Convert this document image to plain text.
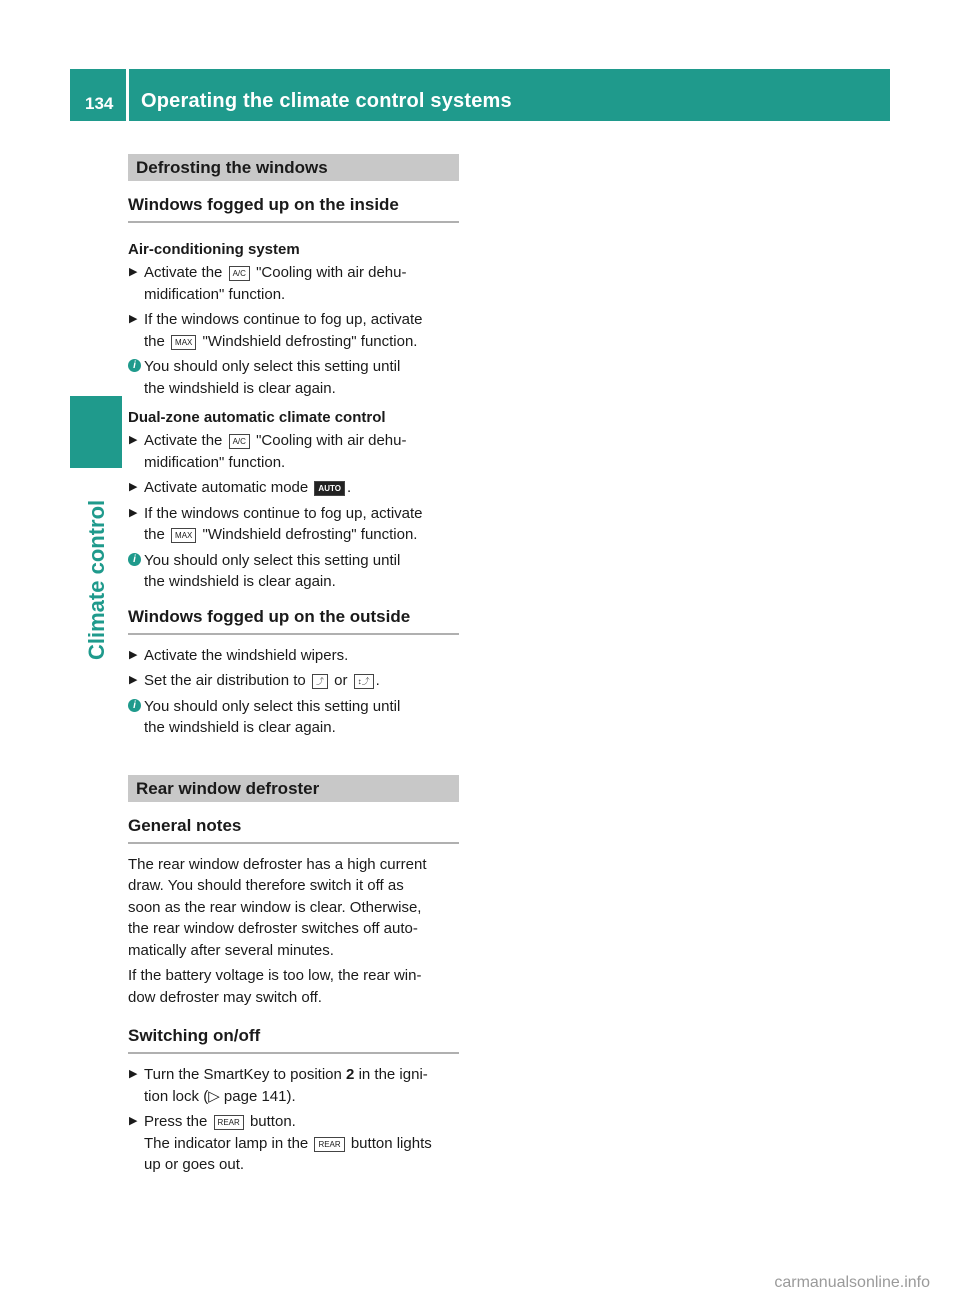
134 Operating the climate control systems
Climate control
Defrosting the windows
Windows fogged up on the inside
Air-conditioning system
▶ Activate the A/C "Cooling with air dehu-
midification" function.
▶ If the windows continue to fog up, activate
the MAX "Windshield defrosting" function.
i You should only select this setting until
the windshield is clear again.
Dual-zone automatic climate control
▶ Activate the A/C "Cooling with air dehu-
midification" function.
▶ Activate automatic mode AUTO .
▶ If the windows continue to fog up, activate
the MAX "Windshield defrosting" function.
i You should only select this setting until
the windshield is clear again.
Windows fogged up on the outside
▶ Activate the windshield wipers.
▶ Set the air distribution to ⤴ or ↕⤴ .
i You should only select this setting until
the windshield is clear again.
Rear window defroster
General notes
The rear window defroster has a high current
draw. You should therefore switch it off as
soon as the rear window is clear. Otherwise,
the rear window defroster switches off auto-
matically after several minutes.
If the battery voltage is too low, the rear win-
dow defroster may switch off.
Switching on/off
▶ Turn the SmartKey to position 2 in the igni-
tion lock (▷ page 141).
▶ Press the REAR button.
The indicator lamp in the REAR button lights
up or goes out.
carmanualsonline.info
